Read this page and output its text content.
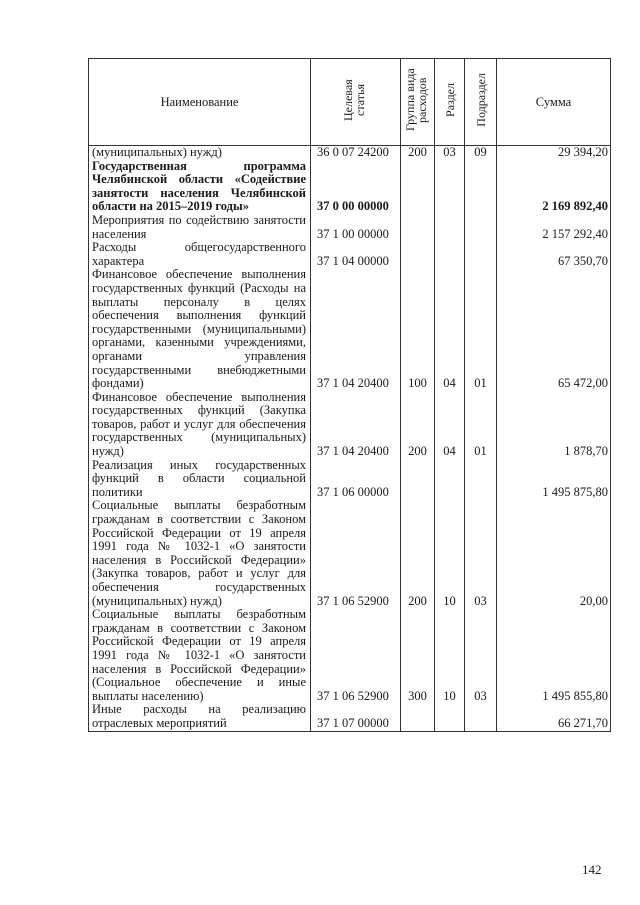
Наименование	Целевая статья	Группа вида расходов	Раздел	Подраздел	Сумма
(муниципальных) нужд)	36 0 07 24200	200	03	09	29 394,20
Государственная программа Челябинской области «Содействие занятости населения Челябинской области на 2015–2019 годы»	37 0 00 00000				2 169 892,40
Мероприятия по содействию занятости населения	37 1 00 00000				2 157 292,40
Расходы общегосударственного характера	37 1 04 00000				67 350,70
Финансовое обеспечение выполнения государственных функций (Расходы на выплаты персоналу в целях обеспечения выполнения функций государственными (муниципальными) органами, казенными учреждениями, органами управления государственными внебюджетными фондами)	37 1 04 20400	100	04	01	65 472,00
Финансовое обеспечение выполнения государственных функций (Закупка товаров, работ и услуг для обеспечения государственных (муниципальных) нужд)	37 1 04 20400	200	04	01	1 878,70
Реализация иных государственных функций в области социальной политики	37 1 06 00000				1 495 875,80
Социальные выплаты безработным гражданам в соответствии с Законом Российской Федерации от 19 апреля 1991 года № 1032-1 «О занятости населения в Российской Федерации» (Закупка товаров, работ и услуг для обеспечения государственных (муниципальных) нужд)	37 1 06 52900	200	10	03	20,00
Социальные выплаты безработным гражданам в соответствии с Законом Российской Федерации от 19 апреля 1991 года № 1032-1 «О занятости населения в Российской Федерации» (Социальное обеспечение и иные выплаты населению)	37 1 06 52900	300	10	03	1 495 855,80
Иные расходы на реализацию отраслевых мероприятий	37 1 07 00000				66 271,70
142
